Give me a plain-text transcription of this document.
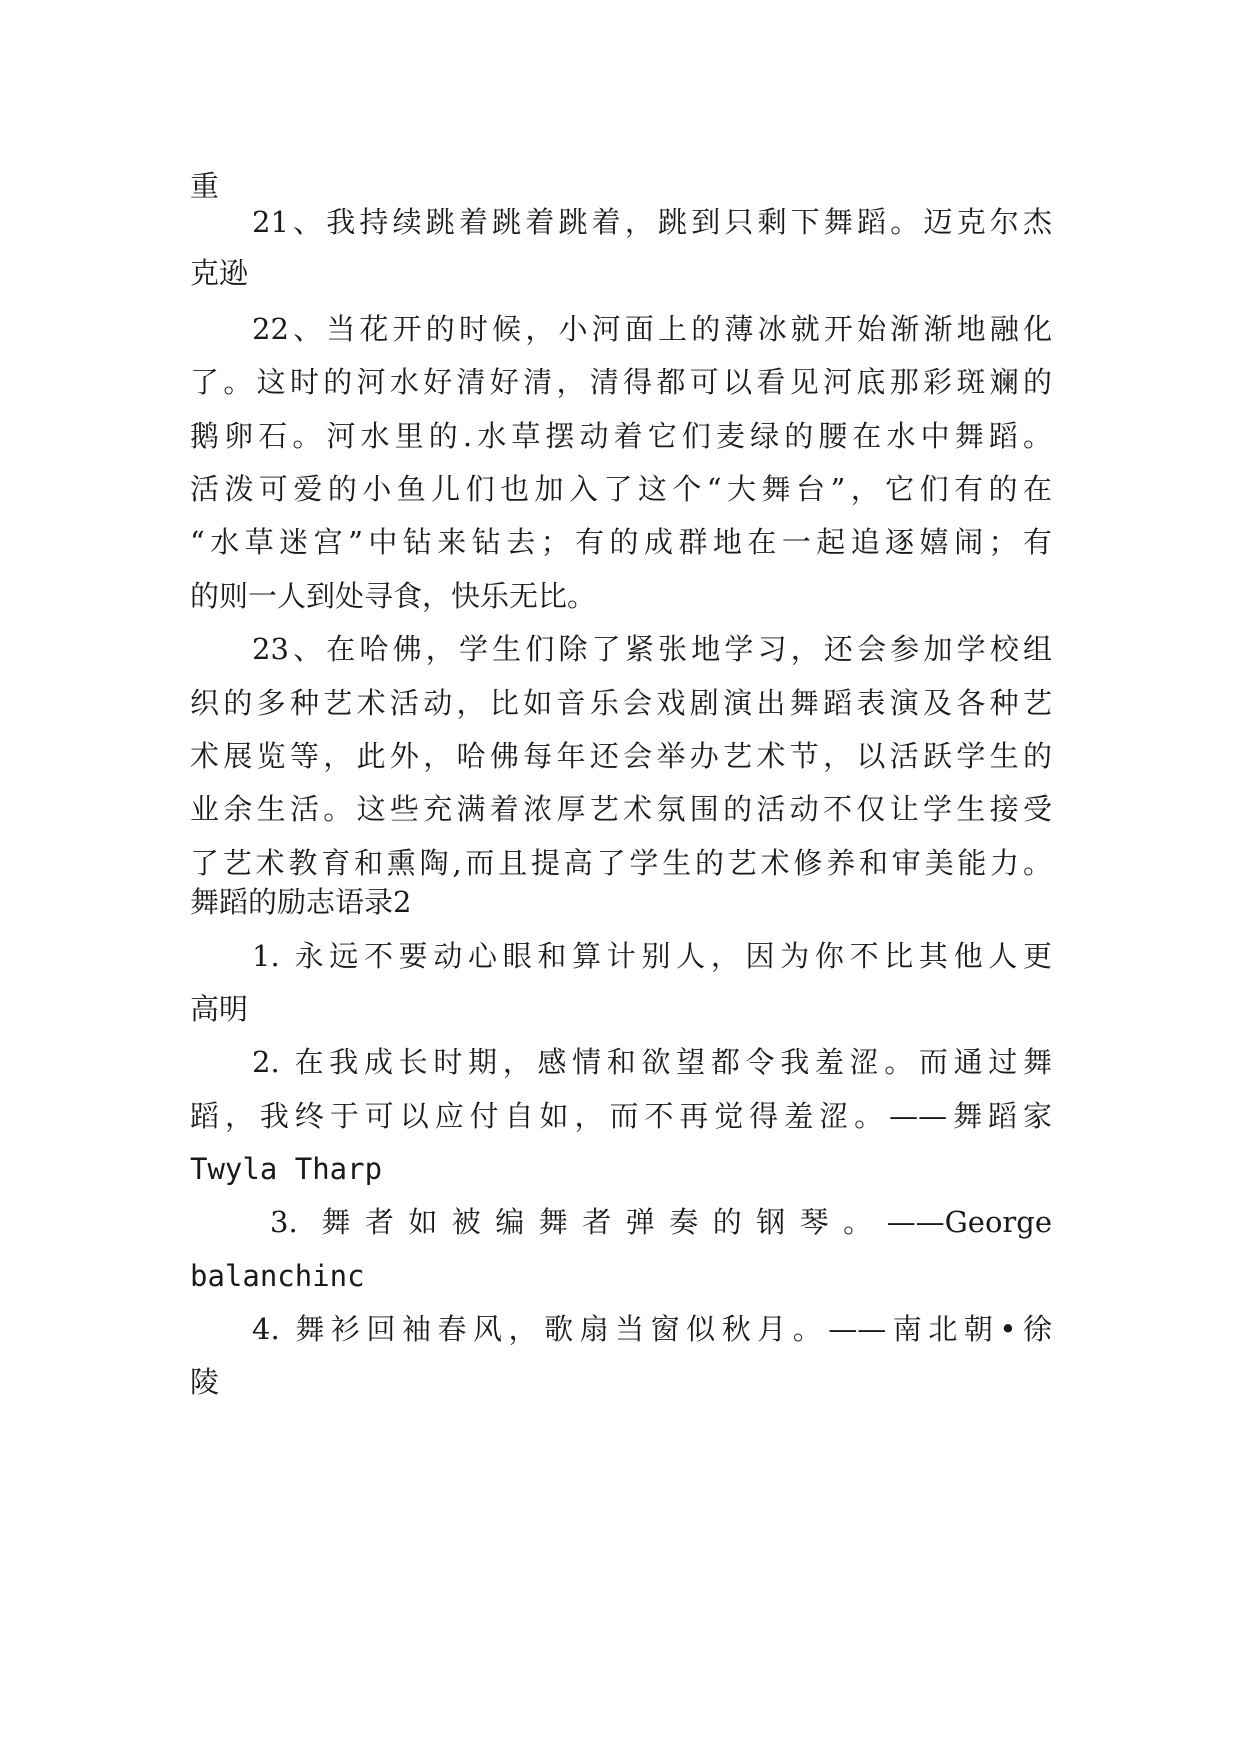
重
21、我持续跳着跳着跳着，跳到只剩下舞蹈。迈克尔杰
克逊
22、当花开的时候，小河面上的薄冰就开始渐渐地融化
了。这时的河水好清好清，清得都可以看见河底那彩斑斓的
鹅卵石。河水里的.水草摆动着它们麦绿的腰在水中舞蹈。
活泼可爱的小鱼儿们也加入了这个“大舞台”，它们有的在
“水草迷宫”中钻来钻去；有的成群地在一起追逐嬉闹；有
的则一人到处寻食，快乐无比。
23、在哈佛，学生们除了紧张地学习，还会参加学校组
织的多种艺术活动，比如音乐会戏剧演出舞蹈表演及各种艺
术展览等，此外，哈佛每年还会举办艺术节，以活跃学生的
业余生活。这些充满着浓厚艺术氛围的活动不仅让学生接受
了艺术教育和熏陶,而且提高了学生的艺术修养和审美能力。
舞蹈的励志语录2
1. 永远不要动心眼和算计别人，因为你不比其他人更
高明
2. 在我成长时期，感情和欲望都令我羞涩。而通过舞
蹈，我终于可以应付自如，而不再觉得羞涩。——舞蹈家
Twyla Tharp
3. 舞者如被编舞者弹奏的钢琴。——George
balanchinc
4. 舞衫回袖春风，歌扇当窗似秋月。——南北朝•徐
陵
